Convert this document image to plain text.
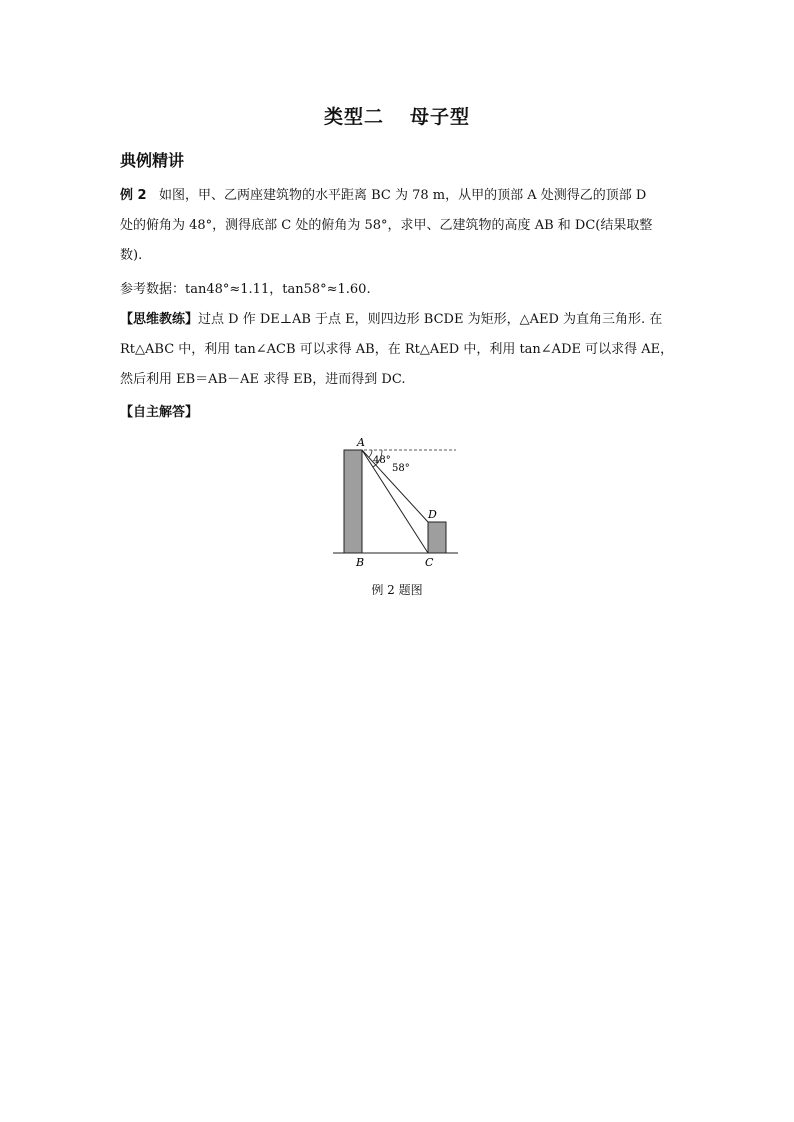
类型二 母子型
典例精讲
例 2 如图，甲、乙两座建筑物的水平距离 BC 为 78 m，从甲的顶部 A 处测得乙的顶部 D
处的俯角为 48°，测得底部 C 处的俯角为 58°，求甲、乙建筑物的高度 AB 和 DC(结果取整
数).
参考数据：tan48°≈1.11，tan58°≈1.60.
【思维教练】过点 D 作 DE⊥AB 于点 E，则四边形 BCDE 为矩形，△AED 为直角三角形. 在
Rt△ABC 中，利用 tan∠ACB 可以求得 AB，在 Rt△AED 中，利用 tan∠ADE 可以求得 AE，
然后利用 EB＝AB－AE 求得 EB，进而得到 DC.
【自主解答】
A
B	C
D
48°
58°
例 2 题图
